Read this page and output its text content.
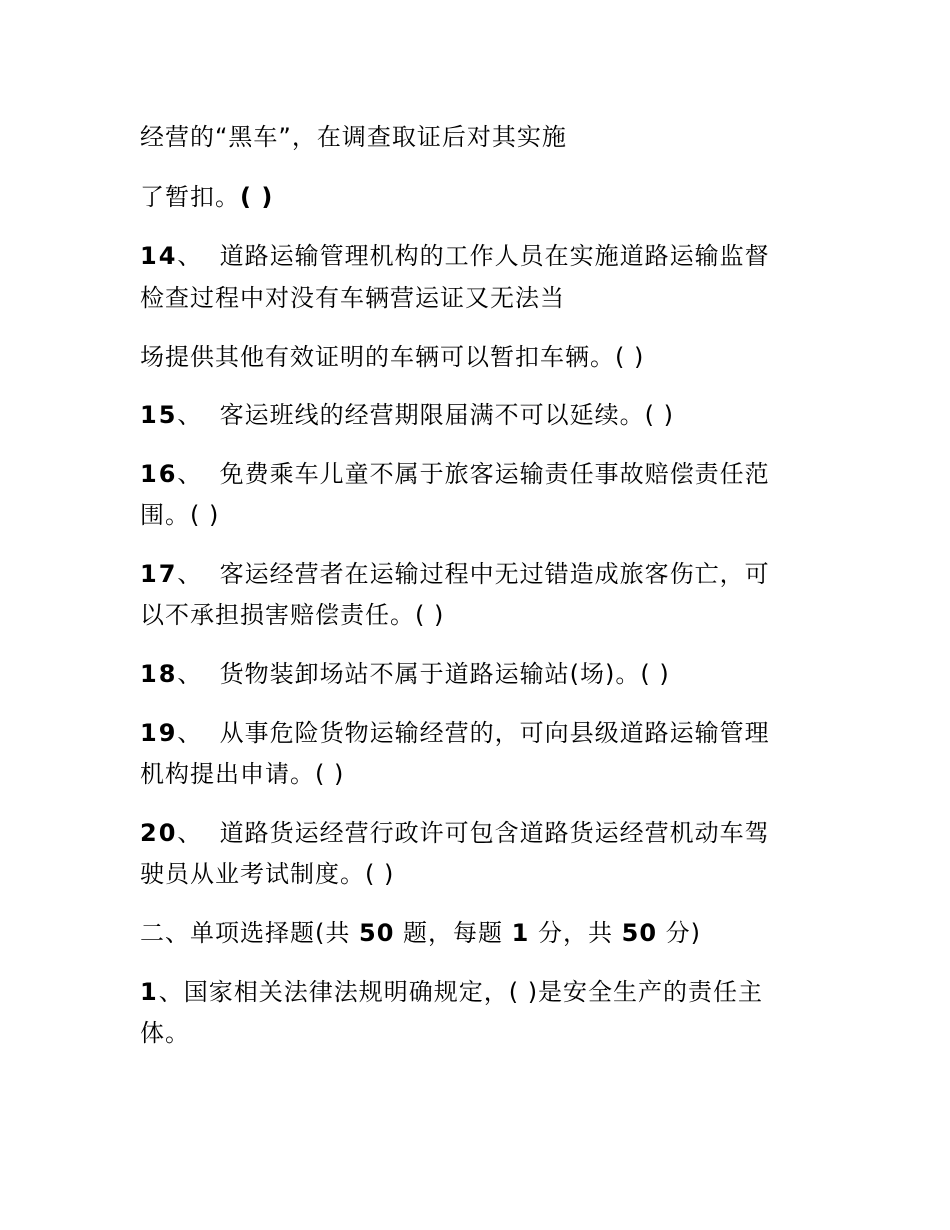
经营的“黑车”，在调查取证后对其实施
了暂扣。( )
14、 道路运输管理机构的工作人员在实施道路运输监督
检查过程中对没有车辆营运证又无法当
场提供其他有效证明的车辆可以暂扣车辆。( )
15、 客运班线的经营期限届满不可以延续。( )
16、 免费乘车儿童不属于旅客运输责任事故赔偿责任范
围。( )
17、 客运经营者在运输过程中无过错造成旅客伤亡，可
以不承担损害赔偿责任。( )
18、 货物装卸场站不属于道路运输站(场)。( )
19、 从事危险货物运输经营的，可向县级道路运输管理
机构提出申请。( )
20、 道路货运经营行政许可包含道路货运经营机动车驾
驶员从业考试制度。( )
二、单项选择题(共 50 题，每题 1 分，共 50 分)
1、国家相关法律法规明确规定，( )是安全生产的责任主
体。
